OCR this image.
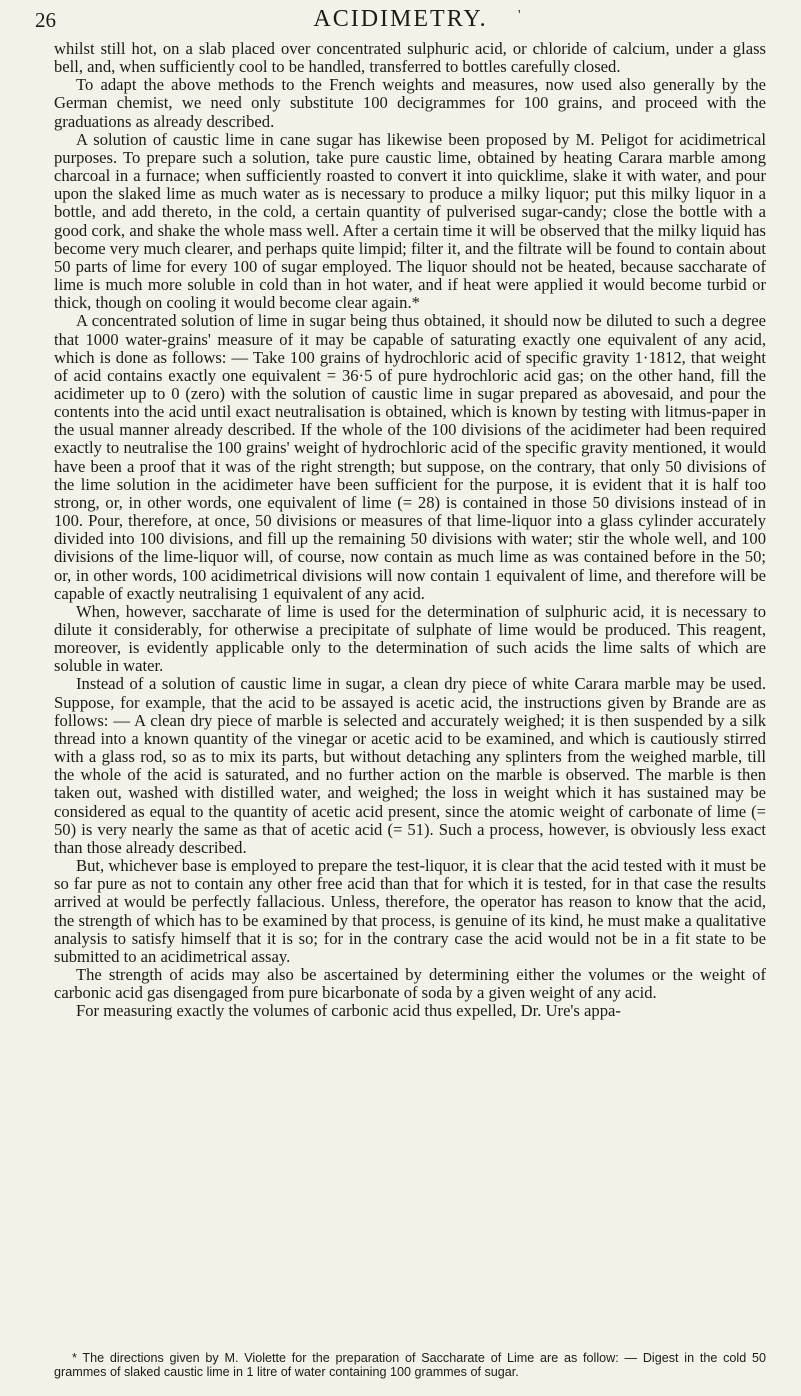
26	ACIDIMETRY.	'

whilst still hot, on a slab placed over concentrated sulphuric acid, or chloride of calcium, under a glass bell, and, when sufficiently cool to be handled, transferred to bottles carefully closed.

To adapt the above methods to the French weights and measures, now used also generally by the German chemist, we need only substitute 100 decigrammes for 100 grains, and proceed with the graduations as already described.

A solution of caustic lime in cane sugar has likewise been proposed by M. Peligot for acidimetrical purposes. To prepare such a solution, take pure caustic lime, obtained by heating Carara marble among charcoal in a furnace; when sufficiently roasted to convert it into quicklime, slake it with water, and pour upon the slaked lime as much water as is necessary to produce a milky liquor; put this milky liquor in a bottle, and add thereto, in the cold, a certain quantity of pulverised sugar-candy; close the bottle with a good cork, and shake the whole mass well. After a certain time it will be observed that the milky liquid has become very much clearer, and perhaps quite limpid; filter it, and the filtrate will be found to contain about 50 parts of lime for every 100 of sugar employed. The liquor should not be heated, because saccharate of lime is much more soluble in cold than in hot water, and if heat were applied it would become turbid or thick, though on cooling it would become clear again.*

A concentrated solution of lime in sugar being thus obtained, it should now be diluted to such a degree that 1000 water-grains' measure of it may be capable of saturating exactly one equivalent of any acid, which is done as follows: — Take 100 grains of hydrochloric acid of specific gravity 1·1812, that weight of acid contains exactly one equivalent = 36·5 of pure hydrochloric acid gas; on the other hand, fill the acidimeter up to 0 (zero) with the solution of caustic lime in sugar prepared as abovesaid, and pour the contents into the acid until exact neutralisation is obtained, which is known by testing with litmus-paper in the usual manner already described. If the whole of the 100 divisions of the acidimeter had been required exactly to neutralise the 100 grains' weight of hydrochloric acid of the specific gravity mentioned, it would have been a proof that it was of the right strength; but suppose, on the contrary, that only 50 divisions of the lime solution in the acidimeter have been sufficient for the purpose, it is evident that it is half too strong, or, in other words, one equivalent of lime (= 28) is contained in those 50 divisions instead of in 100. Pour, therefore, at once, 50 divisions or measures of that lime-liquor into a glass cylinder accurately divided into 100 divisions, and fill up the remaining 50 divisions with water; stir the whole well, and 100 divisions of the lime-liquor will, of course, now contain as much lime as was contained before in the 50; or, in other words, 100 acidimetrical divisions will now contain 1 equivalent of lime, and therefore will be capable of exactly neutralising 1 equivalent of any acid.

When, however, saccharate of lime is used for the determination of sulphuric acid, it is necessary to dilute it considerably, for otherwise a precipitate of sulphate of lime would be produced. This reagent, moreover, is evidently applicable only to the determination of such acids the lime salts of which are soluble in water.

Instead of a solution of caustic lime in sugar, a clean dry piece of white Carara marble may be used. Suppose, for example, that the acid to be assayed is acetic acid, the instructions given by Brande are as follows: — A clean dry piece of marble is selected and accurately weighed; it is then suspended by a silk thread into a known quantity of the vinegar or acetic acid to be examined, and which is cautiously stirred with a glass rod, so as to mix its parts, but without detaching any splinters from the weighed marble, till the whole of the acid is saturated, and no further action on the marble is observed. The marble is then taken out, washed with distilled water, and weighed; the loss in weight which it has sustained may be considered as equal to the quantity of acetic acid present, since the atomic weight of carbonate of lime (= 50) is very nearly the same as that of acetic acid (= 51). Such a process, however, is obviously less exact than those already described.

But, whichever base is employed to prepare the test-liquor, it is clear that the acid tested with it must be so far pure as not to contain any other free acid than that for which it is tested, for in that case the results arrived at would be perfectly fallacious. Unless, therefore, the operator has reason to know that the acid, the strength of which has to be examined by that process, is genuine of its kind, he must make a qualitative analysis to satisfy himself that it is so; for in the contrary case the acid would not be in a fit state to be submitted to an acidimetrical assay.

The strength of acids may also be ascertained by determining either the volumes or the weight of carbonic acid gas disengaged from pure bicarbonate of soda by a given weight of any acid.

For measuring exactly the volumes of carbonic acid thus expelled, Dr. Ure's appa-

* The directions given by M. Violette for the preparation of Saccharate of Lime are as follow: — Digest in the cold 50 grammes of slaked caustic lime in 1 litre of water containing 100 grammes of sugar.
